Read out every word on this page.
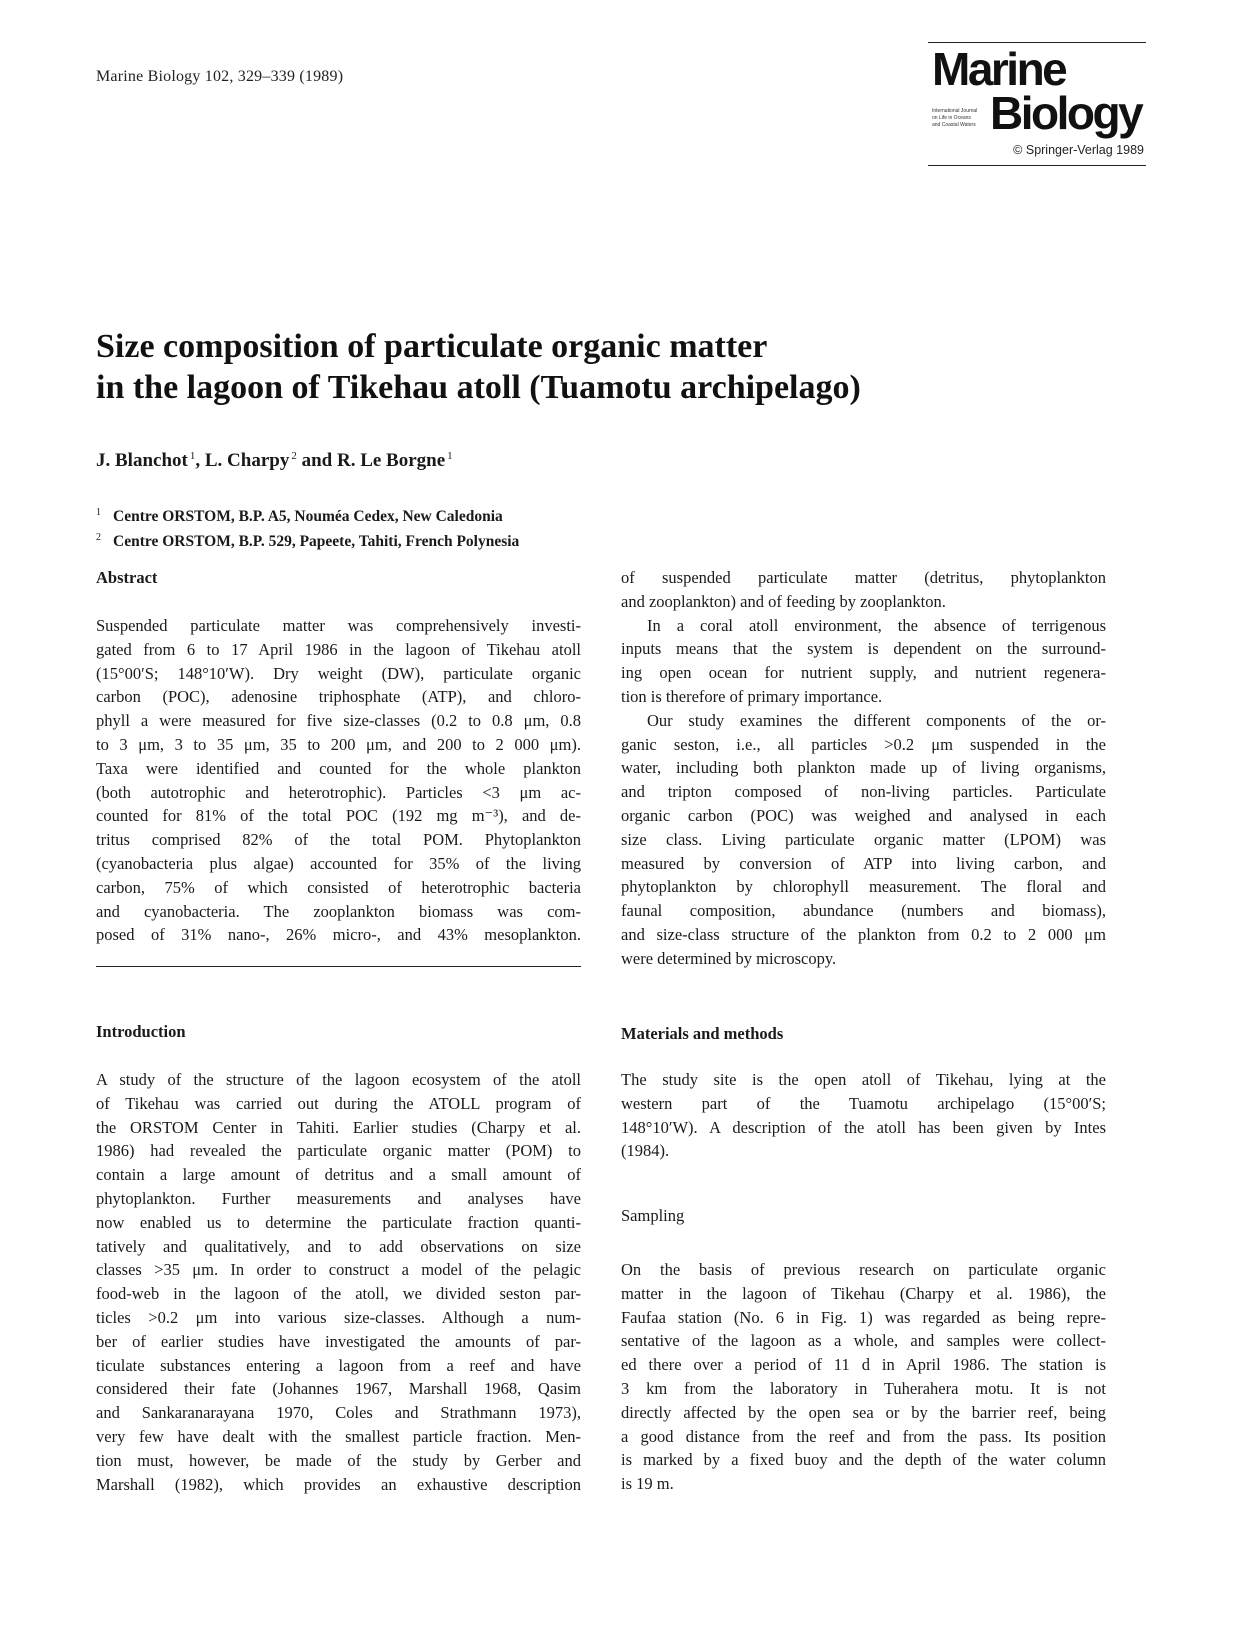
Marine Biology 102, 329–339 (1989)	Marine
International Journal
on Life in Oceans
and Coastal Waters Biology
© Springer-Verlag 1989
Size composition of particulate organic matter
in the lagoon of Tikehau atoll (Tuamotu archipelago)
J. Blanchot $^1$, L. Charpy $^2$ and R. Le Borgne $^1$
$^1$ Centre ORSTOM, B.P. A5, Nouméa Cedex, New Caledonia
$^2$ Centre ORSTOM, B.P. 529, Papeete, Tahiti, French Polynesia
Abstract
Suspended particulate matter was comprehensively investi-
gated from 6 to 17 April 1986 in the lagoon of Tikehau atoll
(15°00′S; 148°10′W). Dry weight (DW), particulate organic
carbon (POC), adenosine triphosphate (ATP), and chloro-
phyll a were measured for five size-classes (0.2 to 0.8 μm, 0.8
to 3 μm, 3 to 35 μm, 35 to 200 μm, and 200 to 2 000 μm).
Taxa were identified and counted for the whole plankton
(both autotrophic and heterotrophic). Particles <3 μm ac-
counted for 81% of the total POC (192 mg m⁻³), and de-
tritus comprised 82% of the total POM. Phytoplankton
(cyanobacteria plus algae) accounted for 35% of the living
carbon, 75% of which consisted of heterotrophic bacteria
and cyanobacteria. The zooplankton biomass was com-
posed of 31% nano-, 26% micro-, and 43% mesoplankton.
Introduction
A study of the structure of the lagoon ecosystem of the atoll
of Tikehau was carried out during the ATOLL program of
the ORSTOM Center in Tahiti. Earlier studies (Charpy et al.
1986) had revealed the particulate organic matter (POM) to
contain a large amount of detritus and a small amount of
phytoplankton. Further measurements and analyses have
now enabled us to determine the particulate fraction quanti-
tatively and qualitatively, and to add observations on size
classes >35 μm. In order to construct a model of the pelagic
food-web in the lagoon of the atoll, we divided seston par-
ticles >0.2 μm into various size-classes. Although a num-
ber of earlier studies have investigated the amounts of par-
ticulate substances entering a lagoon from a reef and have
considered their fate (Johannes 1967, Marshall 1968, Qasim
and Sankaranarayana 1970, Coles and Strathmann 1973),
very few have dealt with the smallest particle fraction. Men-
tion must, however, be made of the study by Gerber and
Marshall (1982), which provides an exhaustive description
of suspended particulate matter (detritus, phytoplankton
and zooplankton) and of feeding by zooplankton.
In a coral atoll environment, the absence of terrigenous
inputs means that the system is dependent on the surround-
ing open ocean for nutrient supply, and nutrient regenera-
tion is therefore of primary importance.
Our study examines the different components of the or-
ganic seston, i.e., all particles >0.2 μm suspended in the
water, including both plankton made up of living organisms,
and tripton composed of non-living particles. Particulate
organic carbon (POC) was weighed and analysed in each
size class. Living particulate organic matter (LPOM) was
measured by conversion of ATP into living carbon, and
phytoplankton by chlorophyll measurement. The floral and
faunal composition, abundance (numbers and biomass),
and size-class structure of the plankton from 0.2 to 2 000 μm
were determined by microscopy.
Materials and methods
The study site is the open atoll of Tikehau, lying at the
western part of the Tuamotu archipelago (15°00′S;
148°10′W). A description of the atoll has been given by Intes
(1984).
Sampling
On the basis of previous research on particulate organic
matter in the lagoon of Tikehau (Charpy et al. 1986), the
Faufaa station (No. 6 in Fig. 1) was regarded as being repre-
sentative of the lagoon as a whole, and samples were collect-
ed there over a period of 11 d in April 1986. The station is
3 km from the laboratory in Tuherahera motu. It is not
directly affected by the open sea or by the barrier reef, being
a good distance from the reef and from the pass. Its position
is marked by a fixed buoy and the depth of the water column
is 19 m.
